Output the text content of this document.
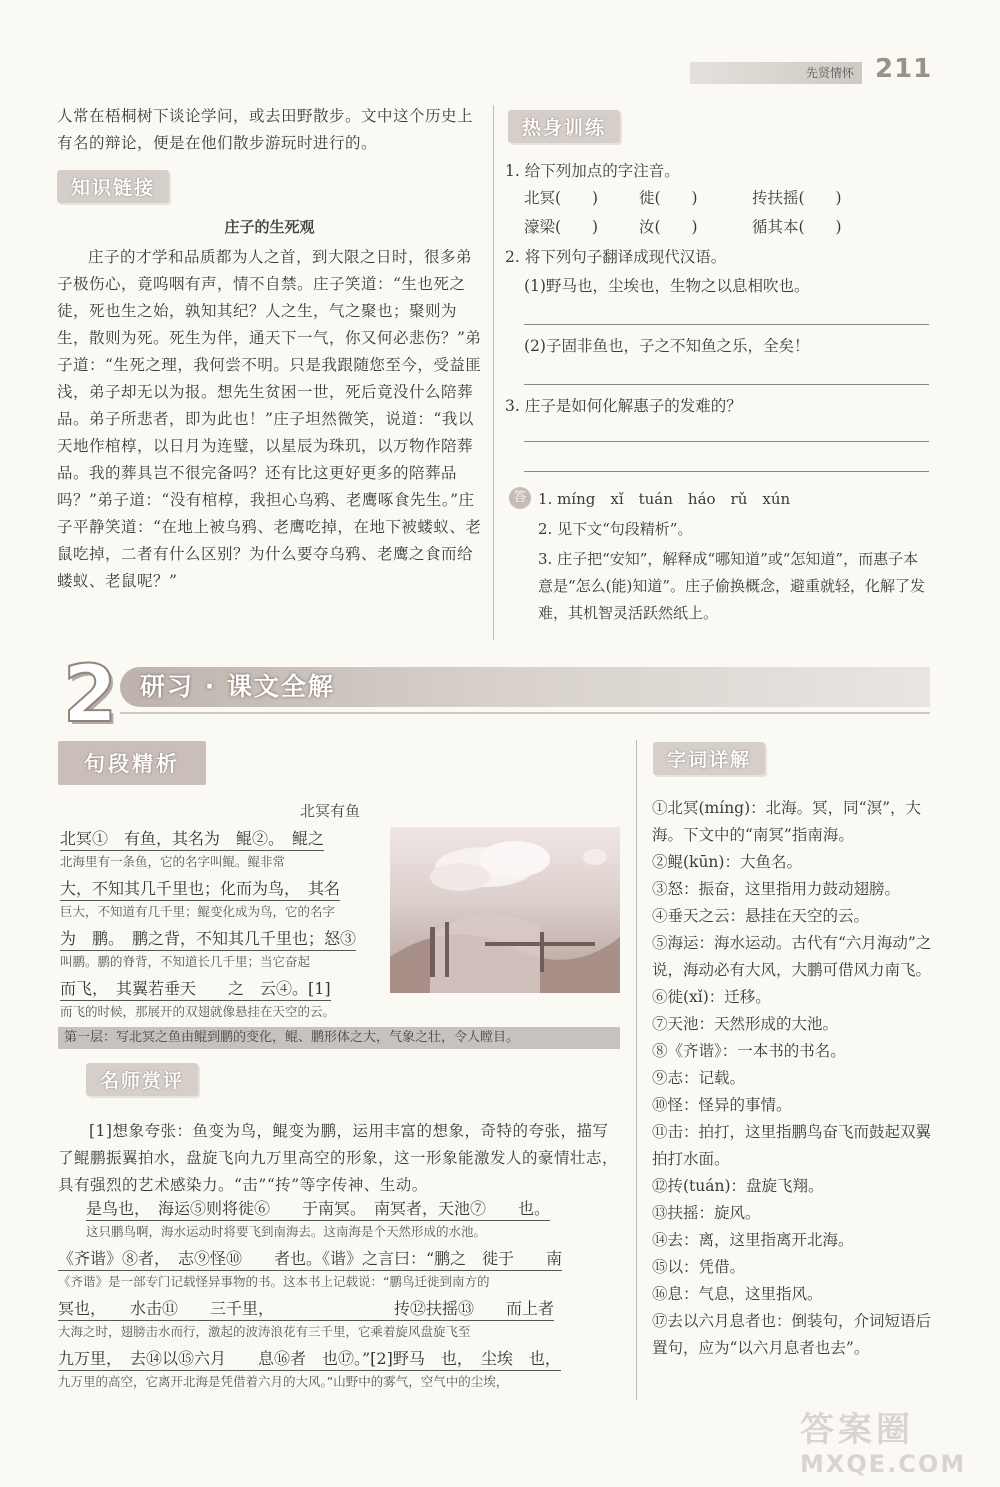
先贤情怀 211

人常在梧桐树下谈论学问，或去田野散步。文中这个历史上有名的辩论，便是在他们散步游玩时进行的。

知识链接
庄子的生死观

庄子的才学和品质都为人之首，到大限之日时，很多弟子极伤心，竟呜咽有声，情不自禁。庄子笑道：“生也死之徒，死也生之始，孰知其纪？人之生，气之聚也；聚则为生，散则为死。死生为伴，通天下一气，你又何必悲伤？”弟子道：“生死之理，我何尝不明。只是我跟随您至今，受益匪浅，弟子却无以为报。想先生贫困一世，死后竟没什么陪葬品。弟子所悲者，即为此也！”庄子坦然微笑，说道：“我以天地作棺椁，以日月为连璧，以星辰为珠玑，以万物作陪葬品。我的葬具岂不很完备吗？还有比这更好更多的陪葬品吗？”弟子道：“没有棺椁，我担心乌鸦、老鹰啄食先生。”庄子平静笑道：“在地上被乌鸦、老鹰吃掉，在地下被蝼蚁、老鼠吃掉，二者有什么区别？为什么要夺乌鸦、老鹰之食而给蝼蚁、老鼠呢？”

热身训练

1. 给下列加点的字注音。

北冥(　　)	徙(　　)	抟扶摇(　　)
濠梁(　　)	汝(　　)	循其本(　　)

2. 将下列句子翻译成现代汉语。

(1)野马也，尘埃也，生物之以息相吹也。

(2)子固非鱼也，子之不知鱼之乐，全矣！

3. 庄子是如何化解惠子的发难的？

答 1. míng　xǐ　tuán　háo　rǔ　xún

2. 见下文“句段精析”。

3. 庄子把“安知”，解释成“哪知道”或“怎知道”，而惠子本意是“怎么(能)知道”。庄子偷换概念，避重就轻，化解了发难，其机智灵活跃然纸上。

2 研习 · 课文全解
句段精析
北冥有鱼
北冥①　有鱼，其名为　鲲②。　鲲之
北海里有一条鱼，它的名字叫鲲。鲲非常
大，不知其几千里也；化而为鸟，　其名
巨大，不知道有几千里；鲲变化成为鸟，它的名字
为　鹏。　鹏之背，不知其几千里也；怒③
叫鹏。鹏的脊背，不知道长几千里；当它奋起
而飞，　其翼若垂天　　之　云④。[1]
而飞的时候，那展开的双翅就像悬挂在天空的云。
第一层：写北冥之鱼由鲲到鹏的变化，鲲、鹏形体之大，气象之壮，令人瞠目。
名师赏评

[1]想象夸张：鱼变为鸟，鲲变为鹏，运用丰富的想象，奇特的夸张，描写了鲲鹏振翼拍水，盘旋飞向九万里高空的形象，这一形象能激发人的豪情壮志，具有强烈的艺术感染力。“击”“抟”等字传神、生动。

是鸟也，　海运⑤则将徙⑥　　于南冥。　南冥者，天池⑦　　也。
这只鹏鸟啊，海水运动时将要飞到南海去。这南海是个天然形成的水池。
《齐谐》⑧者，　志⑨怪⑩　　者也。《谐》之言曰：“鹏之　徙于　　南
《齐谐》是一部专门记载怪异事物的书。这本书上记载说：“鹏鸟迁徙到南方的
冥也，　　水击⑪　　三千里，　　　　　　　　抟⑫扶摇⑬　　而上者
大海之时，翅膀击水而行，激起的波涛浪花有三千里，它乘着旋风盘旋飞至
九万里，　去⑭以⑮六月　　息⑯者　也⑰。”[2]野马　也，　尘埃　也，
九万里的高空，它离开北海是凭借着六月的大风。”山野中的雾气，空气中的尘埃，
字词详解

①北冥(míng)：北海。冥，同“溟”，大海。下文中的“南冥”指南海。

②鲲(kūn)：大鱼名。

③怒：振奋，这里指用力鼓动翅膀。

④垂天之云：悬挂在天空的云。

⑤海运：海水运动。古代有“六月海动”之说，海动必有大风，大鹏可借风力南飞。

⑥徙(xǐ)：迁移。

⑦天池：天然形成的大池。

⑧《齐谐》：一本书的书名。

⑨志：记载。

⑩怪：怪异的事情。

⑪击：拍打，这里指鹏鸟奋飞而鼓起双翼拍打水面。

⑫抟(tuán)：盘旋飞翔。

⑬扶摇：旋风。

⑭去：离，这里指离开北海。

⑮以：凭借。

⑯息：气息，这里指风。

⑰去以六月息者也：倒装句，介词短语后置句，应为“以六月息者也去”。

答案圈
MXQE.COM
